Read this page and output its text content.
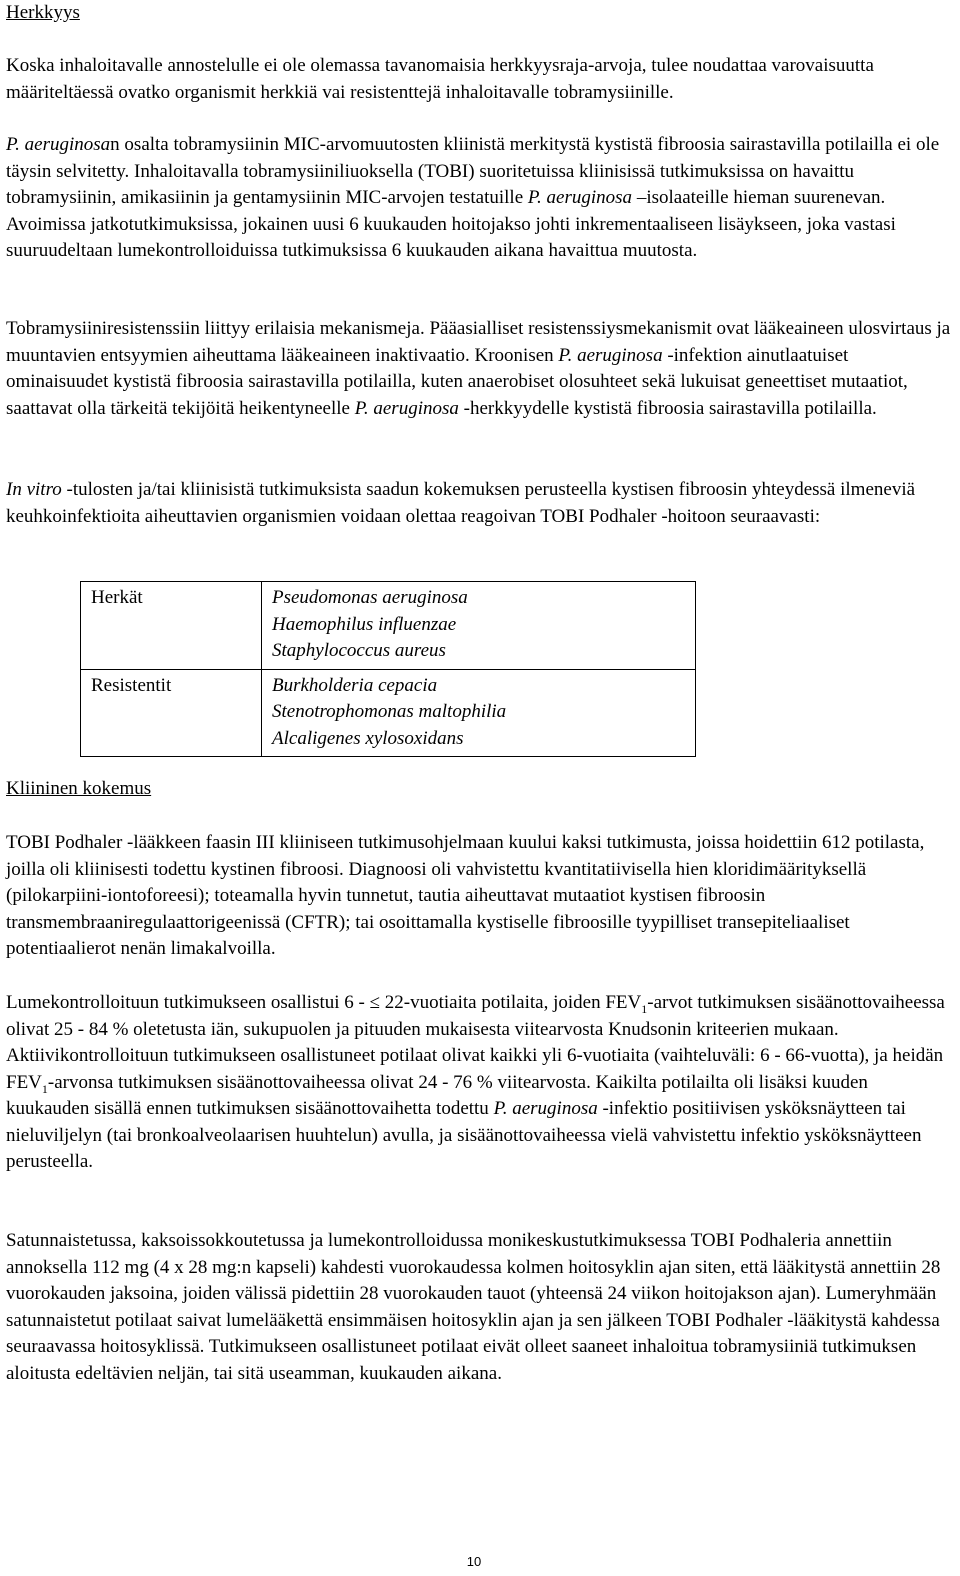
Herkkyys

Koska inhaloitavalle annostelulle ei ole olemassa tavanomaisia herkkyysraja-arvoja, tulee noudattaa varovaisuutta määriteltäessä ovatko organismit herkkiä vai resistenttejä inhaloitavalle tobramysiinille.

P. aeruginosan osalta tobramysiinin MIC-arvomuutosten kliinistä merkitystä kystistä fibroosia sairastavilla potilailla ei ole täysin selvitetty. Inhaloitavalla tobramysiiniliuoksella (TOBI) suoritetuissa kliinisissä tutkimuksissa on havaittu tobramysiinin, amikasiinin ja gentamysiinin MIC-arvojen testatuille P. aeruginosa –isolaateille hieman suurenevan. Avoimissa jatkotutkimuksissa, jokainen uusi 6 kuukauden hoitojakso johti inkrementaaliseen lisäykseen, joka vastasi suuruudeltaan lumekontrolloiduissa tutkimuksissa 6 kuukauden aikana havaittua muutosta.

Tobramysiiniresistenssiin liittyy erilaisia mekanismeja. Pääasialliset resistenssiysmekanismit ovat lääkeaineen ulosvirtaus ja muuntavien entsyymien aiheuttama lääkeaineen inaktivaatio. Kroonisen P. aeruginosa -infektion ainutlaatuiset ominaisuudet kystistä fibroosia sairastavilla potilailla, kuten anaerobiset olosuhteet sekä lukuisat geneettiset mutaatiot, saattavat olla tärkeitä tekijöitä heikentyneelle P. aeruginosa -herkkyydelle kystistä fibroosia sairastavilla potilailla.

In vitro -tulosten ja/tai kliinisistä tutkimuksista saadun kokemuksen perusteella kystisen fibroosin yhteydessä ilmeneviä keuhkoinfektioita aiheuttavien organismien voidaan olettaa reagoivan TOBI Podhaler -hoitoon seuraavasti:

Herkät	Pseudomonas aeruginosa
Haemophilus influenzae
Staphylococcus aureus

Resistentit	Burkholderia cepacia
Stenotrophomonas maltophilia
Alcaligenes xylosoxidans
Kliininen kokemus

TOBI Podhaler -lääkkeen faasin III kliiniseen tutkimusohjelmaan kuului kaksi tutkimusta, joissa hoidettiin 612 potilasta, joilla oli kliinisesti todettu kystinen fibroosi. Diagnoosi oli vahvistettu kvantitatiivisella hien kloridimäärityksellä (pilokarpiini-iontoforeesi); toteamalla hyvin tunnetut, tautia aiheuttavat mutaatiot kystisen fibroosin transmembraaniregulaattorigeenissä (CFTR); tai osoittamalla kystiselle fibroosille tyypilliset transepiteliaaliset potentiaalierot nenän limakalvoilla.

Lumekontrolloituun tutkimukseen osallistui 6 - ≤ 22-vuotiaita potilaita, joiden $FEV_1$-arvot tutkimuksen sisäänottovaiheessa olivat 25 - 84 % oletetusta iän, sukupuolen ja pituuden mukaisesta viitearvosta Knudsonin kriteerien mukaan. Aktiivikontrolloituun tutkimukseen osallistuneet potilaat olivat kaikki yli 6-vuotiaita (vaihteluväli: 6 - 66-vuotta), ja heidän $FEV_1$-arvonsa tutkimuksen sisäänottovaiheessa olivat 24 - 76 % viitearvosta. Kaikilta potilailta oli lisäksi kuuden kuukauden sisällä ennen tutkimuksen sisäänottovaihetta todettu P. aeruginosa -infektio positiivisen ysköksnäytteen tai nieluviljelyn (tai bronkoalveolaarisen huuhtelun) avulla, ja sisäänottovaiheessa vielä vahvistettu infektio ysköksnäytteen perusteella.

Satunnaistetussa, kaksoissokkoutetussa ja lumekontrolloidussa monikeskustutkimuksessa TOBI Podhaleria annettiin annoksella 112 mg (4 x 28 mg:n kapseli) kahdesti vuorokaudessa kolmen hoitosyklin ajan siten, että lääkitystä annettiin 28 vuorokauden jaksoina, joiden välissä pidettiin 28 vuorokauden tauot (yhteensä 24 viikon hoitojakson ajan). Lumeryhmään satunnaistetut potilaat saivat lumelääkettä ensimmäisen hoitosyklin ajan ja sen jälkeen TOBI Podhaler -lääkitystä kahdessa seuraavassa hoitosyklissä. Tutkimukseen osallistuneet potilaat eivät olleet saaneet inhaloitua tobramysiiniä tutkimuksen aloitusta edeltävien neljän, tai sitä useamman, kuukauden aikana.

10
